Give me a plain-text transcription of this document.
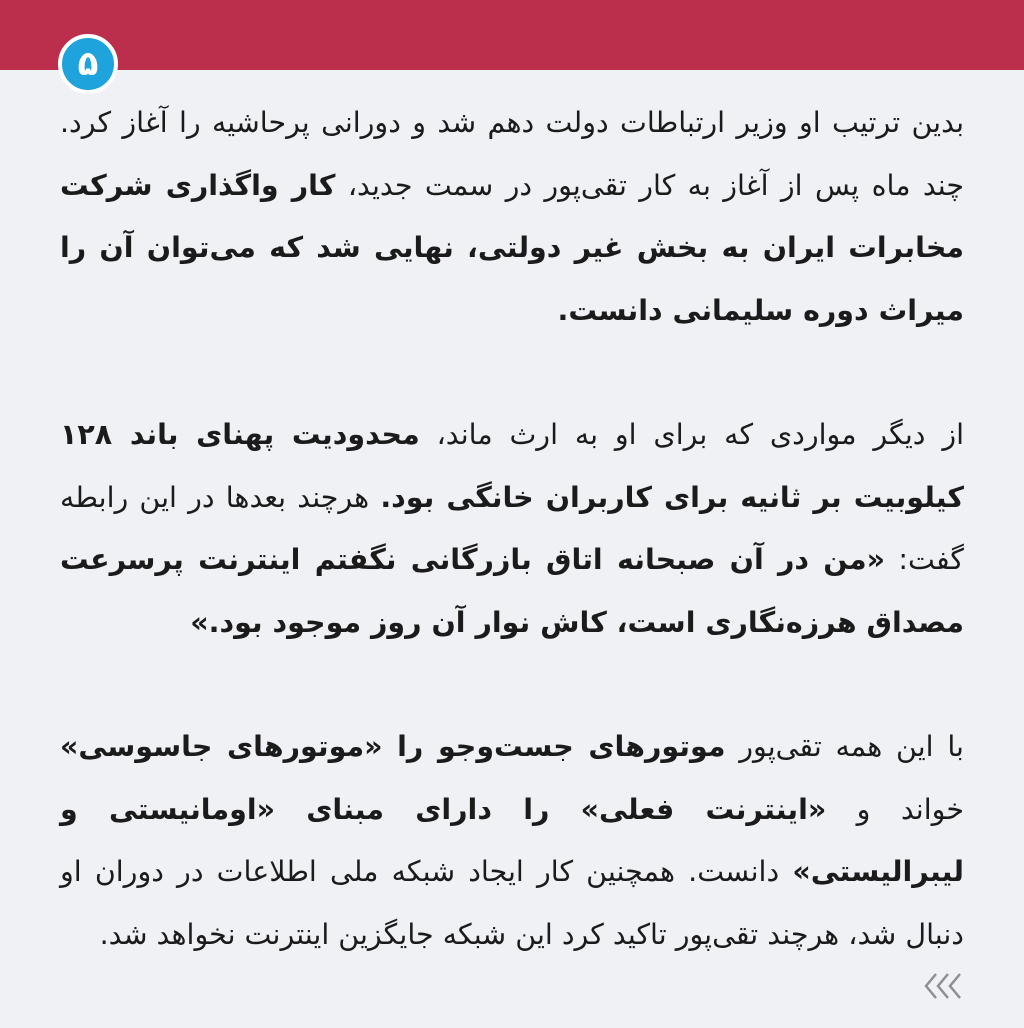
۵

بدین ترتیب او وزیر ارتباطات دولت دهم شد و دورانی پرحاشیه را آغاز کرد. چند ماه پس از آغاز به کار تقی‌پور در سمت جدید، کار واگذاری شرکت مخابرات ایران به بخش غیر دولتی، نهایی شد که می‌توان آن را میراث دوره سلیمانی دانست.

از دیگر مواردی که برای او به ارث ماند، محدودیت پهنای باند ۱۲۸ کیلوبیت بر ثانیه برای کاربران خانگی بود. هرچند بعدها در این رابطه گفت: «من در آن صبحانه اتاق بازرگانی نگفتم اینترنت پرسرعت مصداق هرزه‌نگاری است، کاش نوار آن روز موجود بود.»

با این همه تقی‌پور موتورهای جست‌وجو را «موتورهای جاسوسی» خواند و «اینترنت فعلی» را دارای مبنای «اومانیستی و لیبرالیستی» دانست. همچنین کار ایجاد شبکه ملی اطلاعات در دوران او دنبال شد، هرچند تقی‌پور تاکید کرد این شبکه جایگزین اینترنت نخواهد شد.
